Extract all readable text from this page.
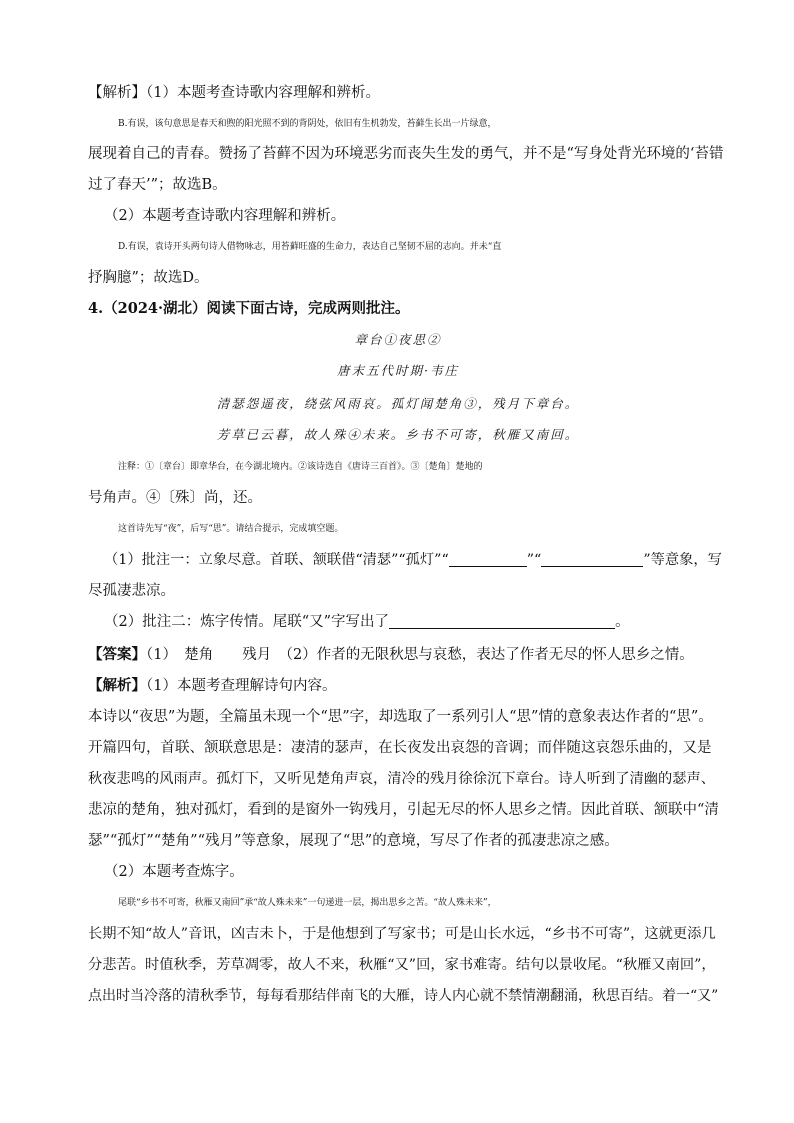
【解析】（1）本题考查诗歌内容理解和辨析。
B.有误，该句意思是春天和煦的阳光照不到的背阴处，依旧有生机勃发，苔藓生长出一片绿意，
展现着自己的青春。赞扬了苔藓不因为环境恶劣而丧失生发的勇气，并不是“写身处背光环境的‘苔错
过了春天’”；故选B。
（2）本题考查诗歌内容理解和辨析。
D.有误，袁诗开头两句诗人借物咏志，用苔藓旺盛的生命力，表达自己坚韧不屈的志向。并未“直
抒胸臆”；故选D。
4.（2024·湖北）阅读下面古诗，完成两则批注。
章台①夜思②
唐末五代时期·韦庄
清瑟怨遥夜，绕弦风雨哀。孤灯闻楚角③，残月下章台。
芳草已云暮，故人殊④未来。乡书不可寄，秋雁又南回。
注释：①〔章台〕即章华台，在今湖北境内。②该诗选自《唐诗三百首》。③〔楚角〕楚地的
号角声。④〔殊〕尚，还。
这首诗先写“夜”，后写“思”。请结合提示，完成填空题。
（1）批注一：立象尽意。首联、颔联借“清瑟”“孤灯”“	”“	”等意象，写
尽孤凄悲凉。
（2）批注二：炼字传情。尾联“又”字写出了	。
【答案】（1）　楚角　　残月　（2）作者的无限秋思与哀愁，表达了作者无尽的怀人思乡之情。
【解析】（1）本题考查理解诗句内容。
本诗以“夜思”为题，全篇虽未现一个“思”字，却选取了一系列引人“思”情的意象表达作者的“思”。
开篇四句，首联、颔联意思是：凄清的瑟声，在长夜发出哀怨的音调；而伴随这哀怨乐曲的，又是
秋夜悲鸣的风雨声。孤灯下，又听见楚角声哀，清冷的残月徐徐沉下章台。诗人听到了清幽的瑟声、
悲凉的楚角，独对孤灯，看到的是窗外一钩残月，引起无尽的怀人思乡之情。因此首联、颔联中“清
瑟”“孤灯”“楚角”“残月”等意象，展现了“思”的意境，写尽了作者的孤凄悲凉之感。
（2）本题考查炼字。
尾联“乡书不可寄，秋雁又南回”承“故人殊未来”一句递进一层，揭出思乡之苦。“故人殊未来”，
长期不知“故人”音讯，凶吉未卜，于是他想到了写家书；可是山长水远，“乡书不可寄”，这就更添几
分悲苦。时值秋季，芳草凋零，故人不来，秋雁“又”回，家书难寄。结句以景收尾。“秋雁又南回”，
点出时当冷落的清秋季节，每每看那结伴南飞的大雁，诗人内心就不禁情潮翻涌，秋思百结。着一“又”
